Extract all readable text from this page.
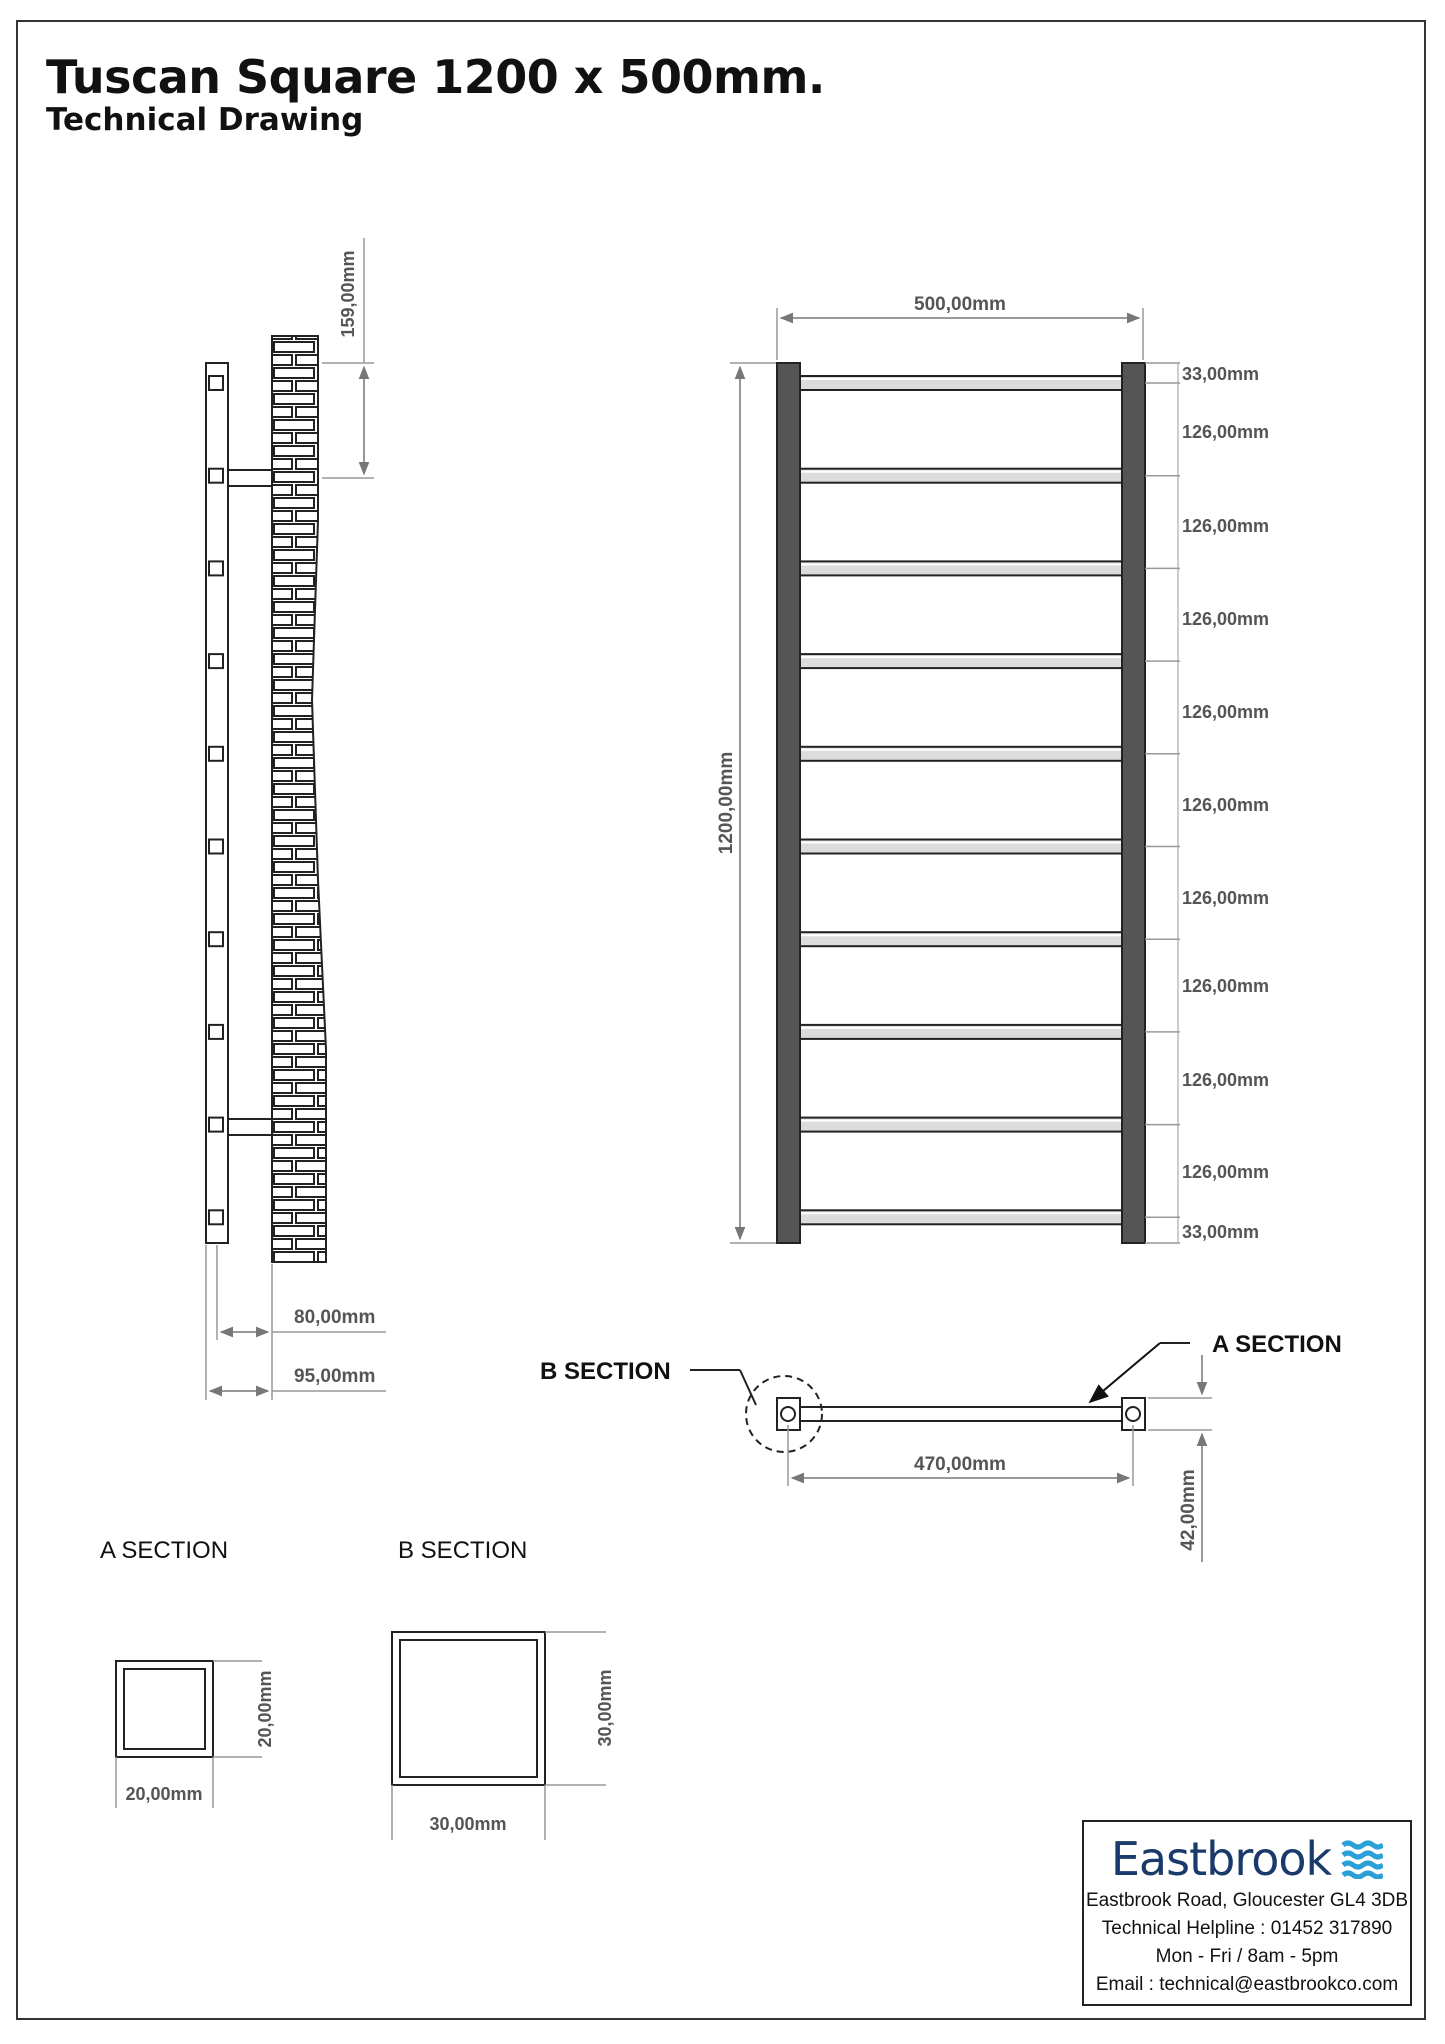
Tuscan Square 1200 x 500mm.
Technical Drawing
159,00mm
80,00mm
95,00mm
500,00mm
1200,00mm
33,00mm
126,00mm
126,00mm
126,00mm
126,00mm
126,00mm
126,00mm
126,00mm
126,00mm
126,00mm
33,00mm
B SECTION
A SECTION
470,00mm
42,00mm
A SECTION
20,00mm
20,00mm
B SECTION
30,00mm
30,00mm
Eastbrook
Eastbrook Road, Gloucester GL4 3DB
Technical Helpline : 01452 317890
Mon - Fri / 8am - 5pm
Email : technical@eastbrookco.com
